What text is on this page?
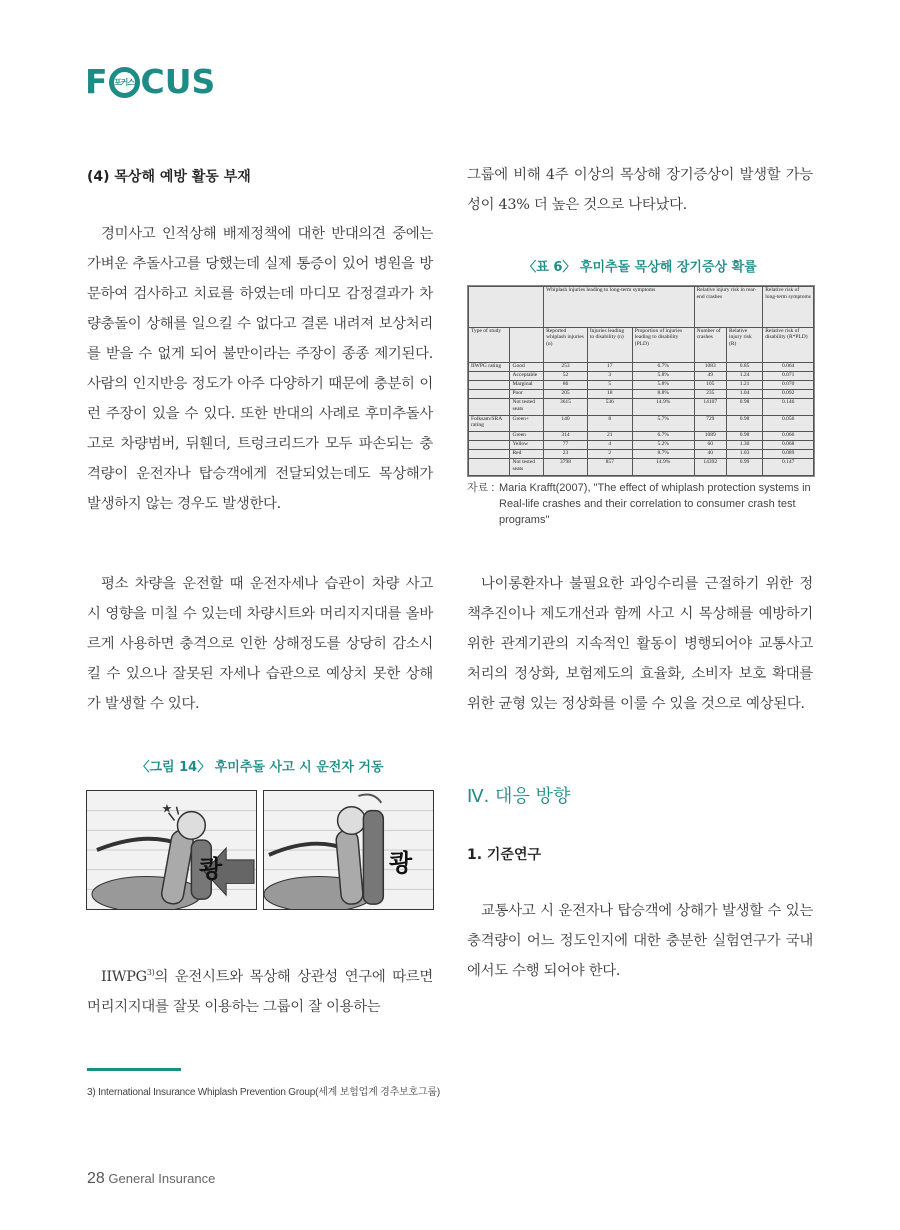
F 포커스 CUS
(4) 목상해 예방 활동 부재

경미사고 인적상해 배제정책에 대한 반대의견 중에는 가벼운 추돌사고를 당했는데 실제 통증이 있어 병원을 방문하여 검사하고 치료를 하였는데 마디모 감정결과가 차량충돌이 상해를 일으킬 수 없다고 결론 내려져 보상처리를 받을 수 없게 되어 불만이라는 주장이 종종 제기된다. 사람의 인지반응 정도가 아주 다양하기 때문에 충분히 이런 주장이 있을 수 있다. 또한 반대의 사례로 후미추돌사고로 차량범버, 뒤휀더, 트렁크리드가 모두 파손되는 충격량이 운전자나 탑승객에게 전달되었는데도 목상해가 발생하지 않는 경우도 발생한다.

평소 차량을 운전할 때 운전자세나 습관이 차량 사고 시 영향을 미칠 수 있는데 차량시트와 머리지지대를 올바르게 사용하면 충격으로 인한 상해정도를 상당히 감소시킬 수 있으나 잘못된 자세나 습관으로 예상치 못한 상해가 발생할 수 있다.

〈그림 14〉 후미추돌 사고 시 운전자 거동
★
쾅	쾅

IIWPG$^{3)}$의 운전시트와 목상해 상관성 연구에 따르면 머리지지대를 잘못 이용하는 그룹이 잘 이용하는

그룹에 비해 4주 이상의 목상해 장기증상이 발생할 가능성이 43% 더 높은 것으로 나타났다.

〈표 6〉 후미추돌 목상해 장기증상 확률
		Whiplash injuries leading to long-term symptoms			Relative injury risk in rear-end crashes		Relative risk of long-term symptoms
Type of study		Reported whiplash injuries (n)	Injuries leading to disability (n)	Proportion of injuries leading to disability (PLD)	Number of crashes	Relative injury risk (R)	Relative risk of disability (R*PLD)
IIWPG rating	Good	253	17	6.7%	1083	0.85	0.064
	Acceptable	52	3	5.8%	49	1.24	0.071
	Marginal	86	5	5.8%	105	1.21	0.070
	Poor	205	18	8.8%	235	1.04	0.092
	Not tested seats	3615	536	14.9%	14107	0.98	0.146
Folksam/SRA rating	Green+	140	8	5.7%	729	0.98	0.056
	Green	314	21	6.7%	1089	0.98	0.066
	Yellow	77	4	5.2%	60	1.30	0.068
	Red	23	2	8.7%	40	1.03	0.089
	Not tested seats	3798	857	14.9%	14392	0.99	0.147
자료 : Maria Krafft(2007), "The effect of whiplash protection systems in Real-life crashes and their correlation to consumer crash test programs"

나이롱환자나 불필요한 과잉수리를 근절하기 위한 정책추진이나 제도개선과 함께 사고 시 목상해를 예방하기 위한 관계기관의 지속적인 활동이 병행되어야 교통사고 처리의 정상화, 보험제도의 효율화, 소비자 보호 확대를 위한 균형 있는 정상화를 이룰 수 있을 것으로 예상된다.

Ⅳ. 대응 방향
1. 기준연구

교통사고 시 운전자나 탑승객에 상해가 발생할 수 있는 충격량이 어느 정도인지에 대한 충분한 실험연구가 국내에서도 수행 되어야 한다.

3) International Insurance Whiplash Prevention Group(세계 보험업계 경추보호그룹)
28 General Insurance
